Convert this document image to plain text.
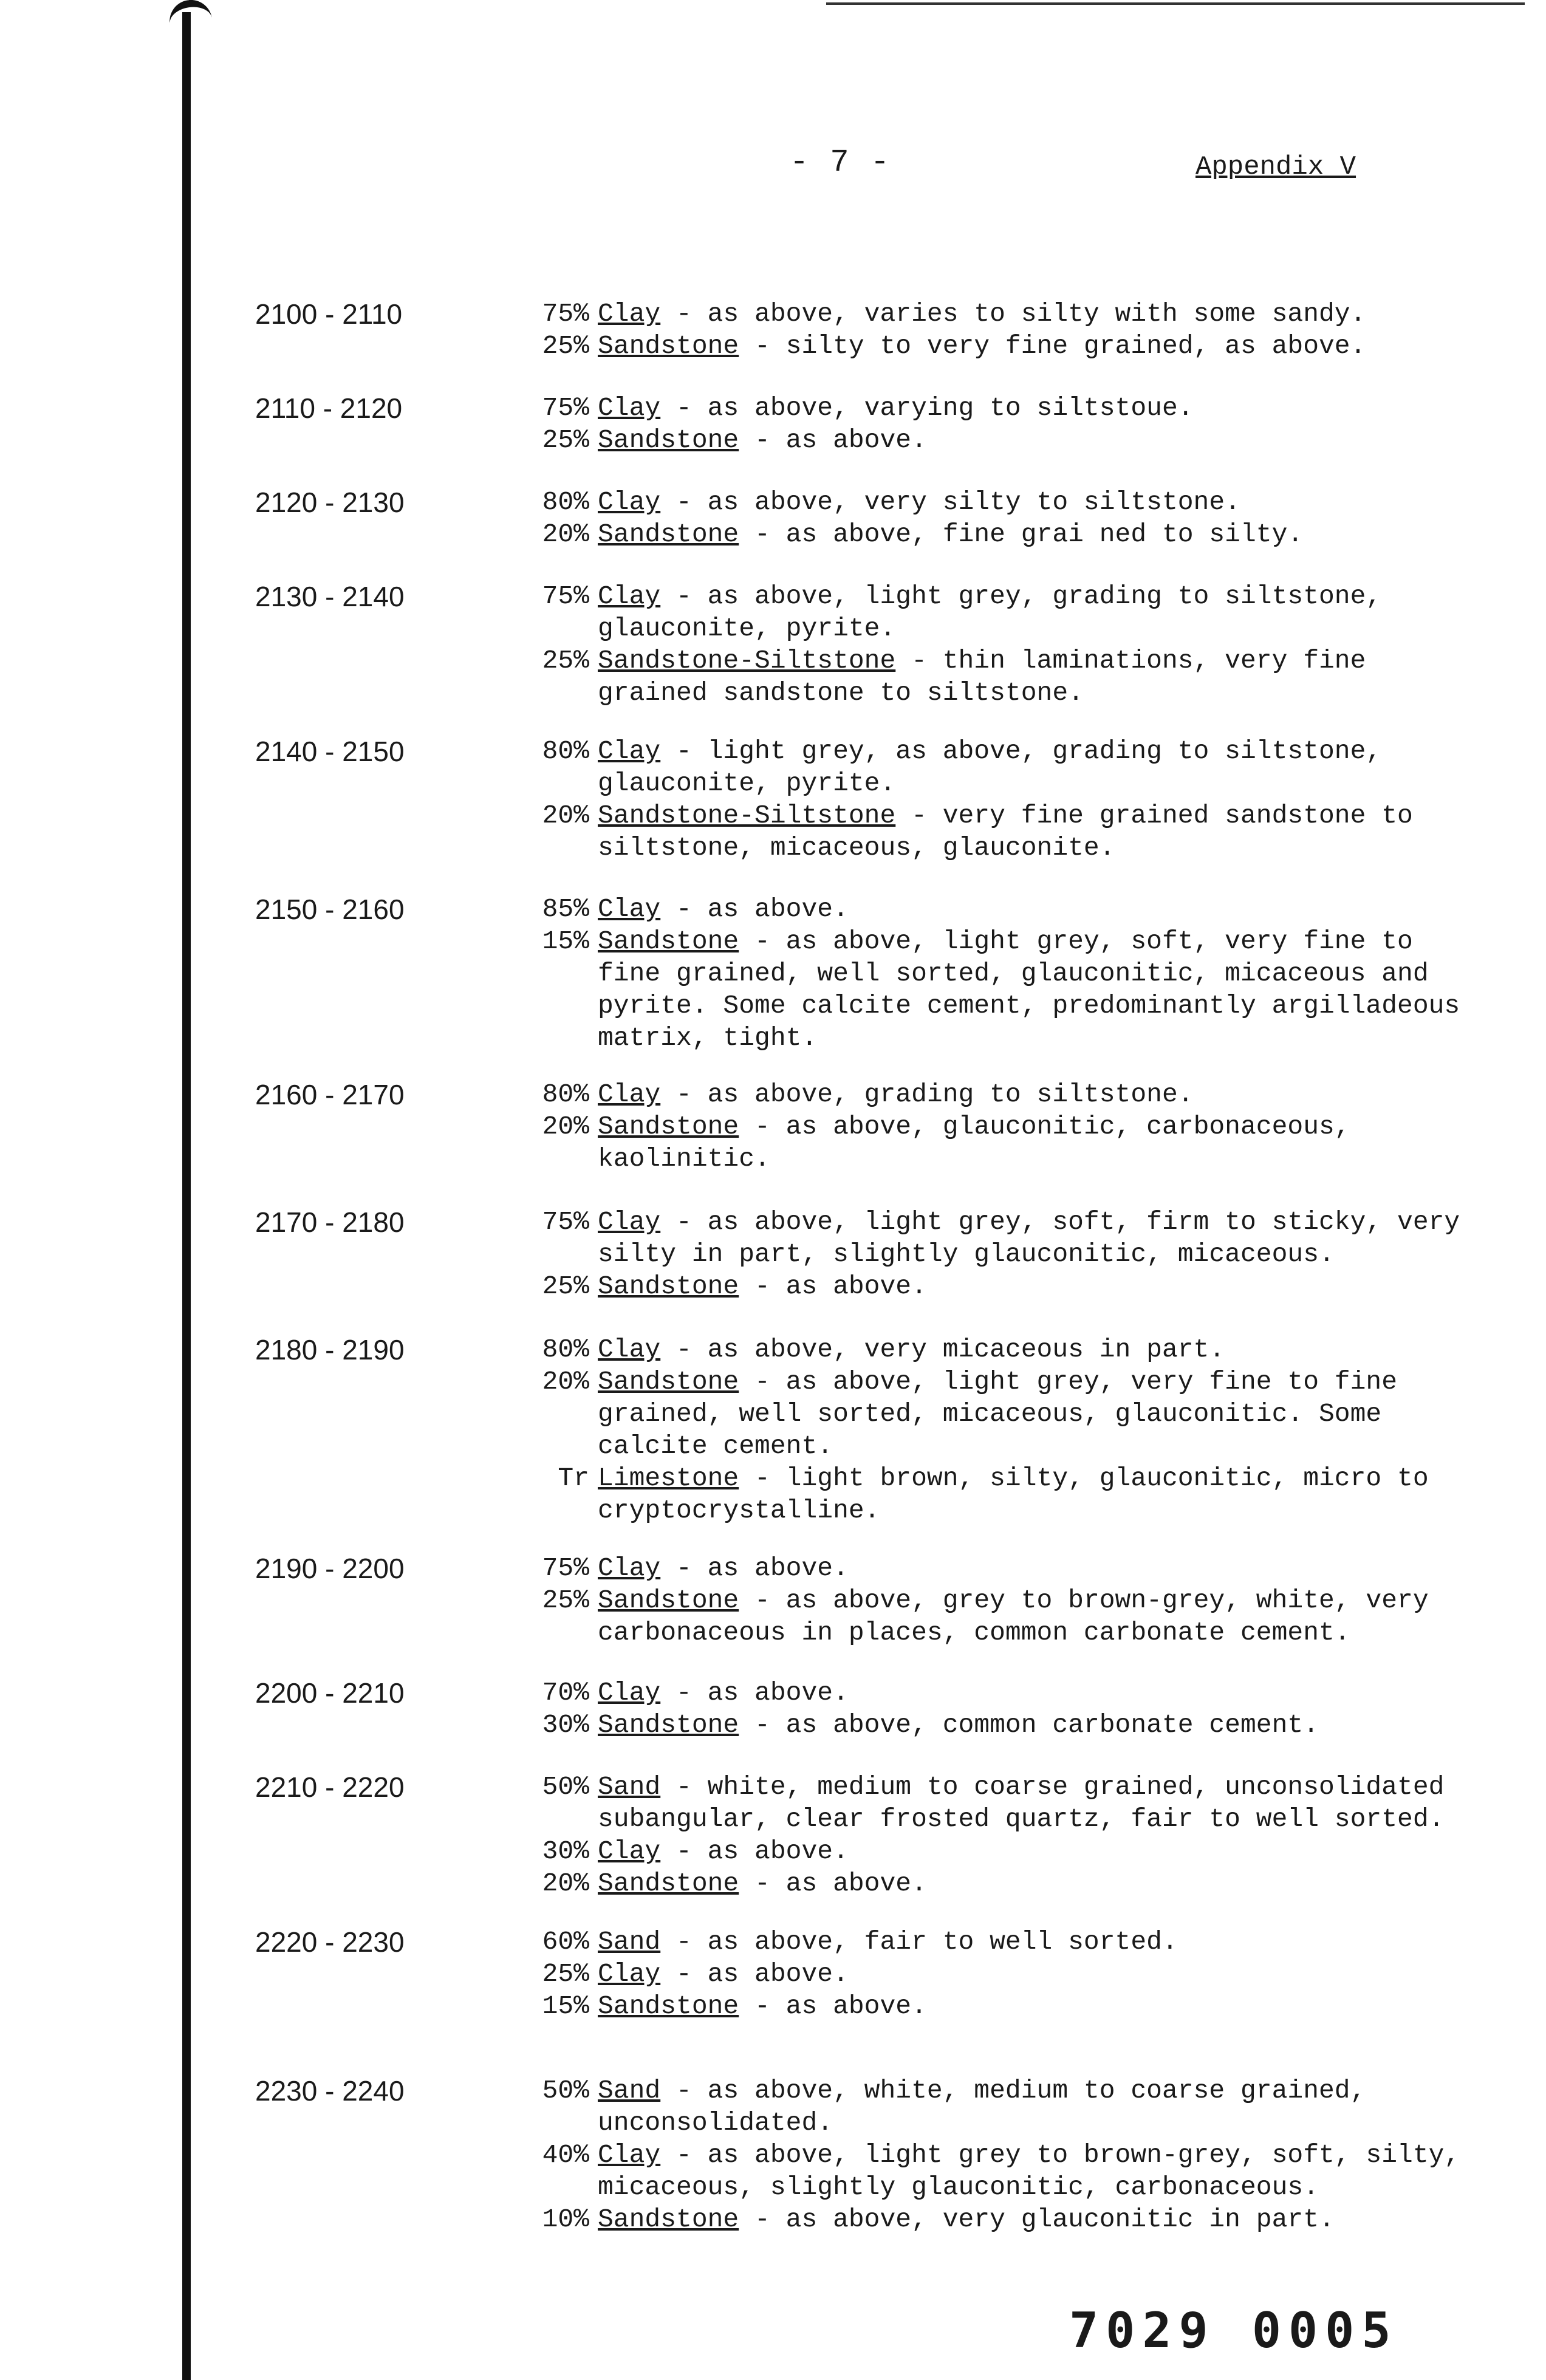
- 7 -	Appendix V
2100 - 2110	75% Clay - as above, varies to silty with some sandy.
25% Sandstone - silty to very fine grained, as above.
2110 - 2120	75% Clay - as above, varying to siltstoue.
25% Sandstone - as above.
2120 - 2130	80% Clay - as above, very silty to siltstone.
20% Sandstone - as above, fine grai ned to silty.
2130 - 2140	75% Clay - as above, light grey, grading to siltstone, glauconite, pyrite.
25% Sandstone-Siltstone - thin laminations, very fine grained sandstone to siltstone.
2140 - 2150	80% Clay - light grey, as above, grading to siltstone, glauconite, pyrite.
20% Sandstone-Siltstone - very fine grained sandstone to siltstone, micaceous, glauconite.
2150 - 2160	85% Clay - as above.
15% Sandstone - as above, light grey, soft, very fine to fine grained, well sorted, glauconitic, micaceous and pyrite. Some calcite cement, predominantly argilladeous matrix, tight.
2160 - 2170	80% Clay - as above, grading to siltstone.
20% Sandstone - as above, glauconitic, carbonaceous, kaolinitic.
2170 - 2180	75% Clay - as above, light grey, soft, firm to sticky, very silty in part, slightly glauconitic, micaceous.
25% Sandstone - as above.
2180 - 2190	80% Clay - as above, very micaceous in part.
20% Sandstone - as above, light grey, very fine to fine grained, well sorted, micaceous, glauconitic. Some calcite cement.
Tr Limestone - light brown, silty, glauconitic, micro to cryptocrystalline.
2190 - 2200	75% Clay - as above.
25% Sandstone - as above, grey to brown-grey, white, very carbonaceous in places, common carbonate cement.
2200 - 2210	70% Clay - as above.
30% Sandstone - as above, common carbonate cement.
2210 - 2220	50% Sand - white, medium to coarse grained, unconsolidated subangular, clear frosted quartz, fair to well sorted.
30% Clay - as above.
20% Sandstone - as above.
2220 - 2230	60% Sand - as above, fair to well sorted.
25% Clay - as above.
15% Sandstone - as above.
2230 - 2240	50% Sand - as above, white, medium to coarse grained, unconsolidated.
40% Clay - as above, light grey to brown-grey, soft, silty, micaceous, slightly glauconitic, carbonaceous.
10% Sandstone - as above, very glauconitic in part.
7029 0005
